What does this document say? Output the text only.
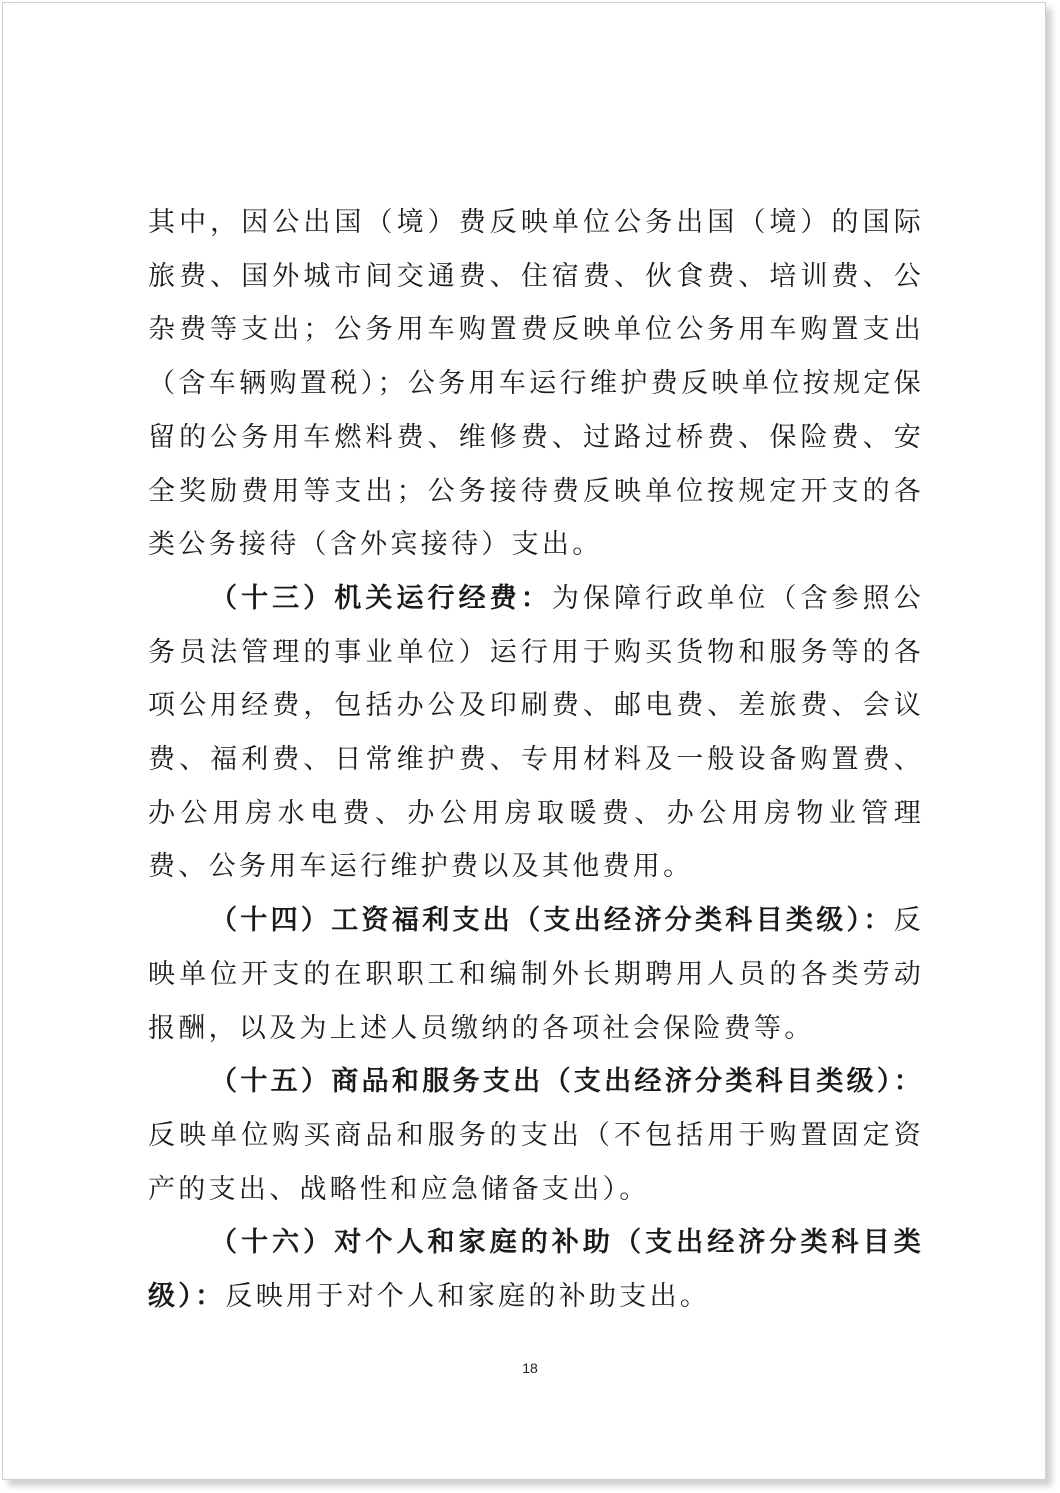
其中，因公出国（境）费反映单位公务出国（境）的国际旅费、国外城市间交通费、住宿费、伙食费、培训费、公杂费等支出；公务用车购置费反映单位公务用车购置支出（含车辆购置税）；公务用车运行维护费反映单位按规定保留的公务用车燃料费、维修费、过路过桥费、保险费、安全奖励费用等支出；公务接待费反映单位按规定开支的各类公务接待（含外宾接待）支出。

（十三）机关运行经费：为保障行政单位（含参照公务员法管理的事业单位）运行用于购买货物和服务等的各项公用经费，包括办公及印刷费、邮电费、差旅费、会议费、福利费、日常维护费、专用材料及一般设备购置费、办公用房水电费、办公用房取暖费、办公用房物业管理费、公务用车运行维护费以及其他费用。

（十四）工资福利支出（支出经济分类科目类级）：反映单位开支的在职职工和编制外长期聘用人员的各类劳动报酬，以及为上述人员缴纳的各项社会保险费等。

（十五）商品和服务支出（支出经济分类科目类级）：反映单位购买商品和服务的支出（不包括用于购置固定资产的支出、战略性和应急储备支出）。

（十六）对个人和家庭的补助（支出经济分类科目类级）：反映用于对个人和家庭的补助支出。

18
